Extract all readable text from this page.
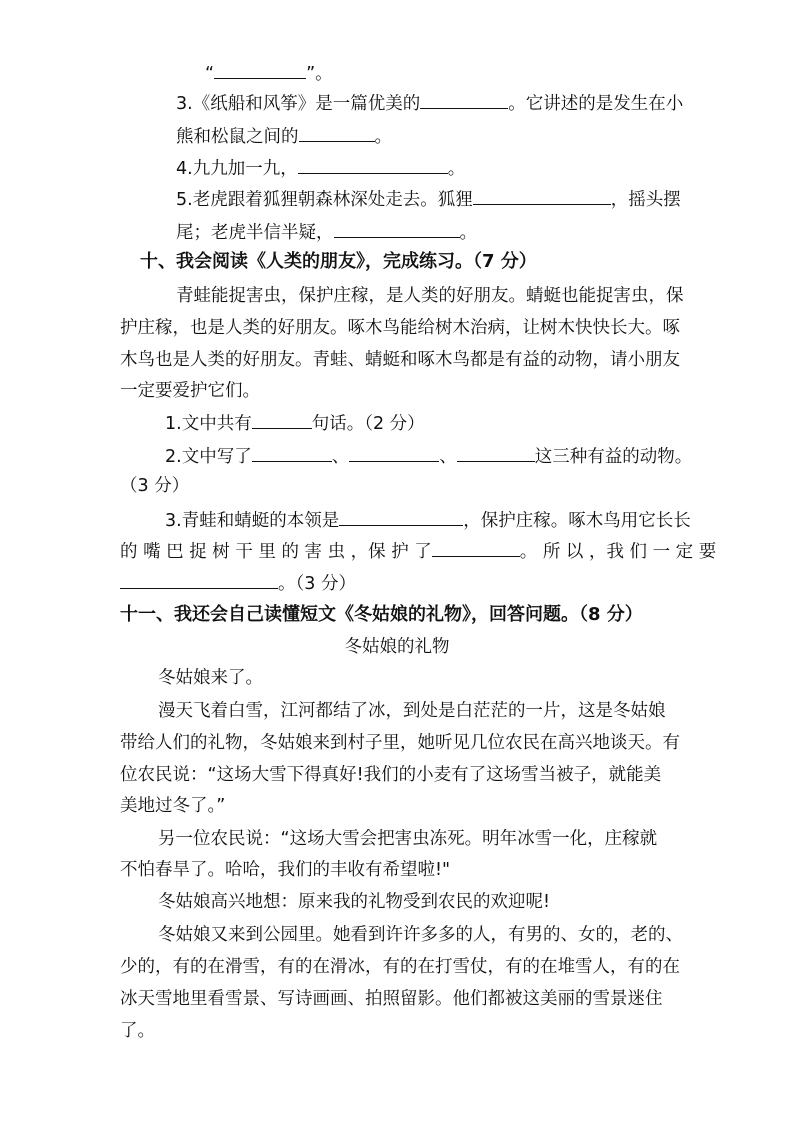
“	”。
3.《纸船和风筝》是一篇优美的	。它讲述的是发生在小
熊和松鼠之间的	。
4.九九加一九，	。
5.老虎跟着狐狸朝森林深处走去。狐狸	，摇头摆
尾；老虎半信半疑，	。
十、我会阅读《人类的朋友》，完成练习。（7 分）
青蛙能捉害虫，保护庄稼，是人类的好朋友。蜻蜓也能捉害虫，保
护庄稼，也是人类的好朋友。啄木鸟能给树木治病，让树木快快长大。啄
木鸟也是人类的好朋友。青蛙、蜻蜓和啄木鸟都是有益的动物，请小朋友
一定要爱护它们。
1.文中共有	句话。（2 分）
2.文中写了	、	、	这三种有益的动物。
（3 分）
3.青蛙和蜻蜓的本领是	，保护庄稼。啄木鸟用它长长
的 嘴 巴 捉 树 干 里 的 害 虫 ，保 护 了	。 所 以 ，我 们 一 定 要
。（3 分）
十一、我还会自己读懂短文《冬姑娘的礼物》，回答问题。（8 分）
冬姑娘的礼物
冬姑娘来了。
漫天飞着白雪，江河都结了冰，到处是白茫茫的一片，这是冬姑娘
带给人们的礼物，冬姑娘来到村子里，她听见几位农民在高兴地谈天。有
位农民说：“这场大雪下得真好!我们的小麦有了这场雪当被子，就能美
美地过冬了。”
另一位农民说：“这场大雪会把害虫冻死。明年冰雪一化，庄稼就
不怕春旱了。哈哈，我们的丰收有希望啦!"
冬姑娘高兴地想：原来我的礼物受到农民的欢迎呢!
冬姑娘又来到公园里。她看到许许多多的人，有男的、女的，老的、
少的，有的在滑雪，有的在滑冰，有的在打雪仗，有的在堆雪人，有的在
冰天雪地里看雪景、写诗画画、拍照留影。他们都被这美丽的雪景迷住
了。
